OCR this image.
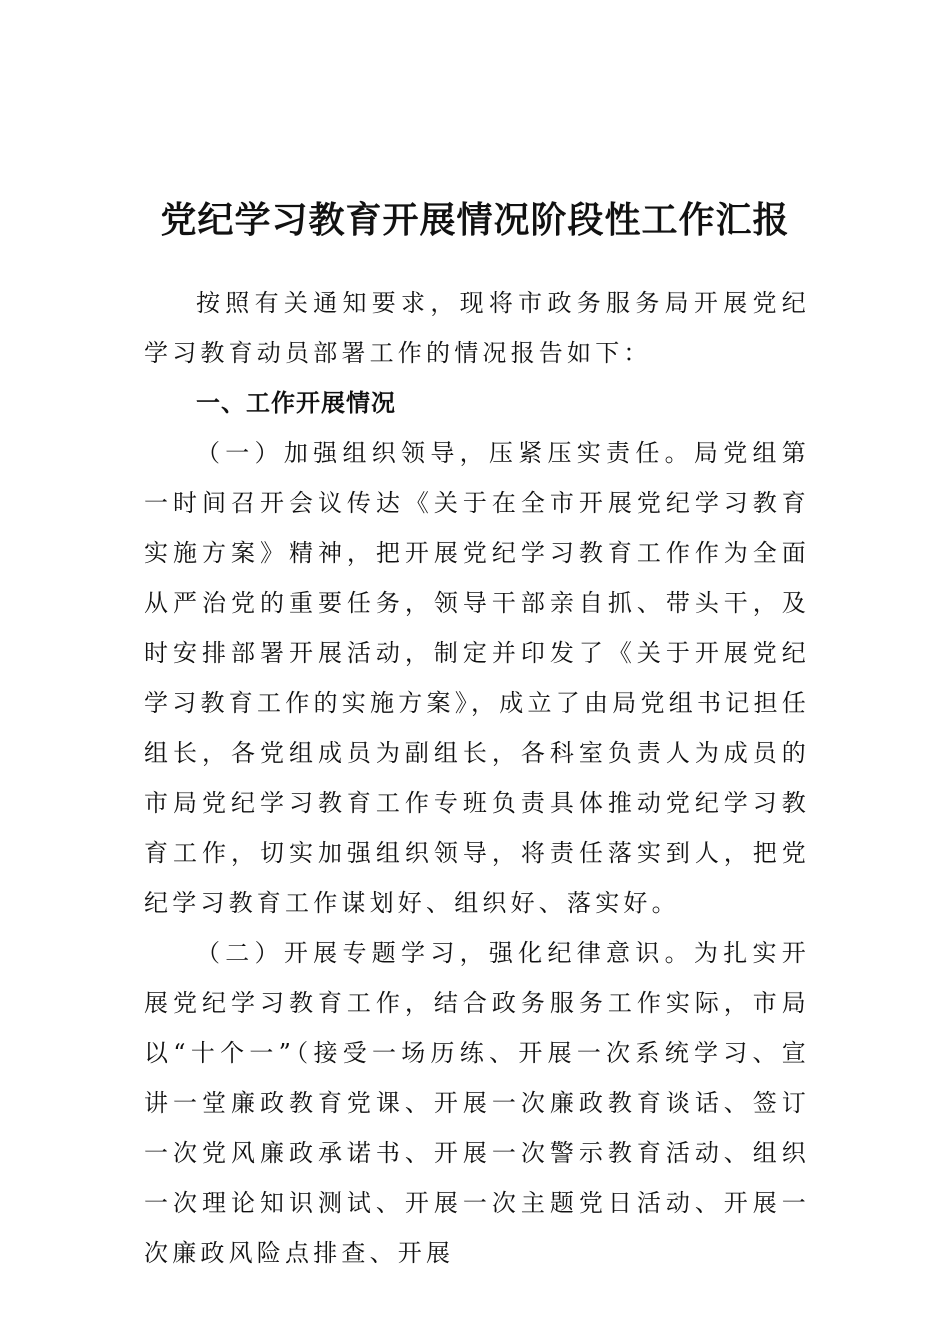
党纪学习教育开展情况阶段性工作汇报

按照有关通知要求，现将市政务服务局开展党纪学习教育动员部署工作的情况报告如下：

一、工作开展情况

（一）加强组织领导，压紧压实责任。局党组第一时间召开会议传达《关于在全市开展党纪学习教育实施方案》精神，把开展党纪学习教育工作作为全面从严治党的重要任务，领导干部亲自抓、带头干，及时安排部署开展活动，制定并印发了《关于开展党纪学习教育工作的实施方案》，成立了由局党组书记担任组长，各党组成员为副组长，各科室负责人为成员的市局党纪学习教育工作专班负责具体推动党纪学习教育工作，切实加强组织领导，将责任落实到人，把党纪学习教育工作谋划好、组织好、落实好。

（二）开展专题学习，强化纪律意识。为扎实开展党纪学习教育工作，结合政务服务工作实际，市局以“十个一”（接受一场历练、开展一次系统学习、宣讲一堂廉政教育党课、开展一次廉政教育谈话、签订一次党风廉政承诺书、开展一次警示教育活动、组织一次理论知识测试、开展一次主题党日活动、开展一次廉政风险点排查、开展
